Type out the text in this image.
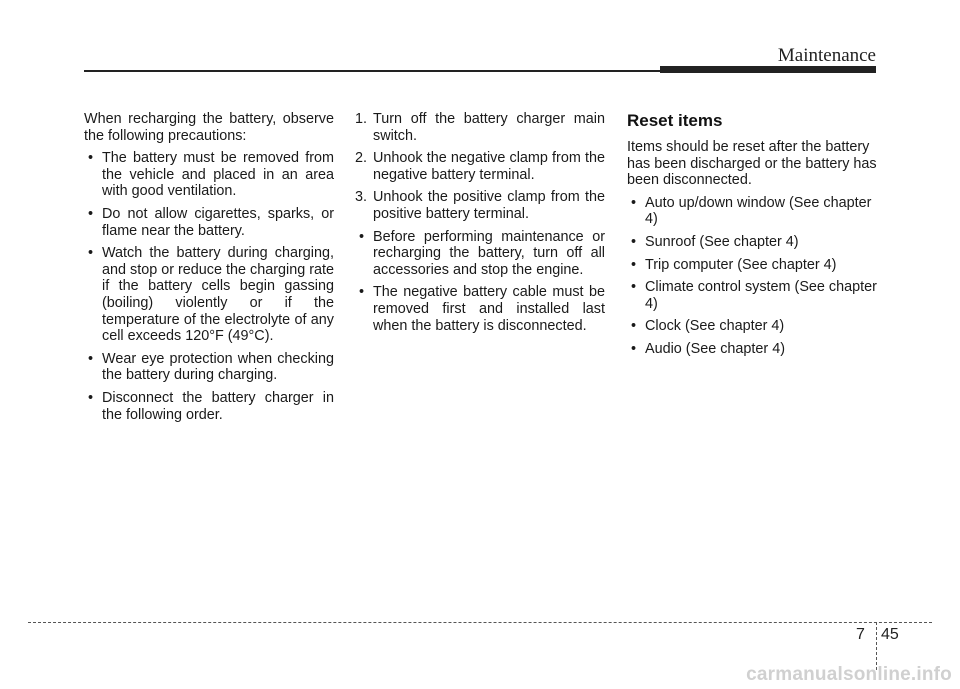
Maintenance

When recharging the battery, observe the following precautions:

• The battery must be removed from the vehicle and placed in an area with good ventilation.
• Do not allow cigarettes, sparks, or flame near the battery.
• Watch the battery during charging, and stop or reduce the charging rate if the battery cells begin gassing (boiling) violently or if the temperature of the electrolyte of any cell exceeds 120°F (49°C).
• Wear eye protection when checking the battery during charging.
• Disconnect the battery charger in the following order.
1. Turn off the battery charger main switch.
2. Unhook the negative clamp from the negative battery terminal.
3. Unhook the positive clamp from the positive battery terminal.
• Before performing maintenance or recharging the battery, turn off all accessories and stop the engine.
• The negative battery cable must be removed first and installed last when the battery is disconnected.
Reset items

Items should be reset after the battery has been discharged or the battery has been disconnected.

• Auto up/down window (See chapter 4)
• Sunroof (See chapter 4)
• Trip computer (See chapter 4)
• Climate control system (See chapter 4)
• Clock (See chapter 4)
• Audio (See chapter 4)
7 45
carmanualsonline.info
